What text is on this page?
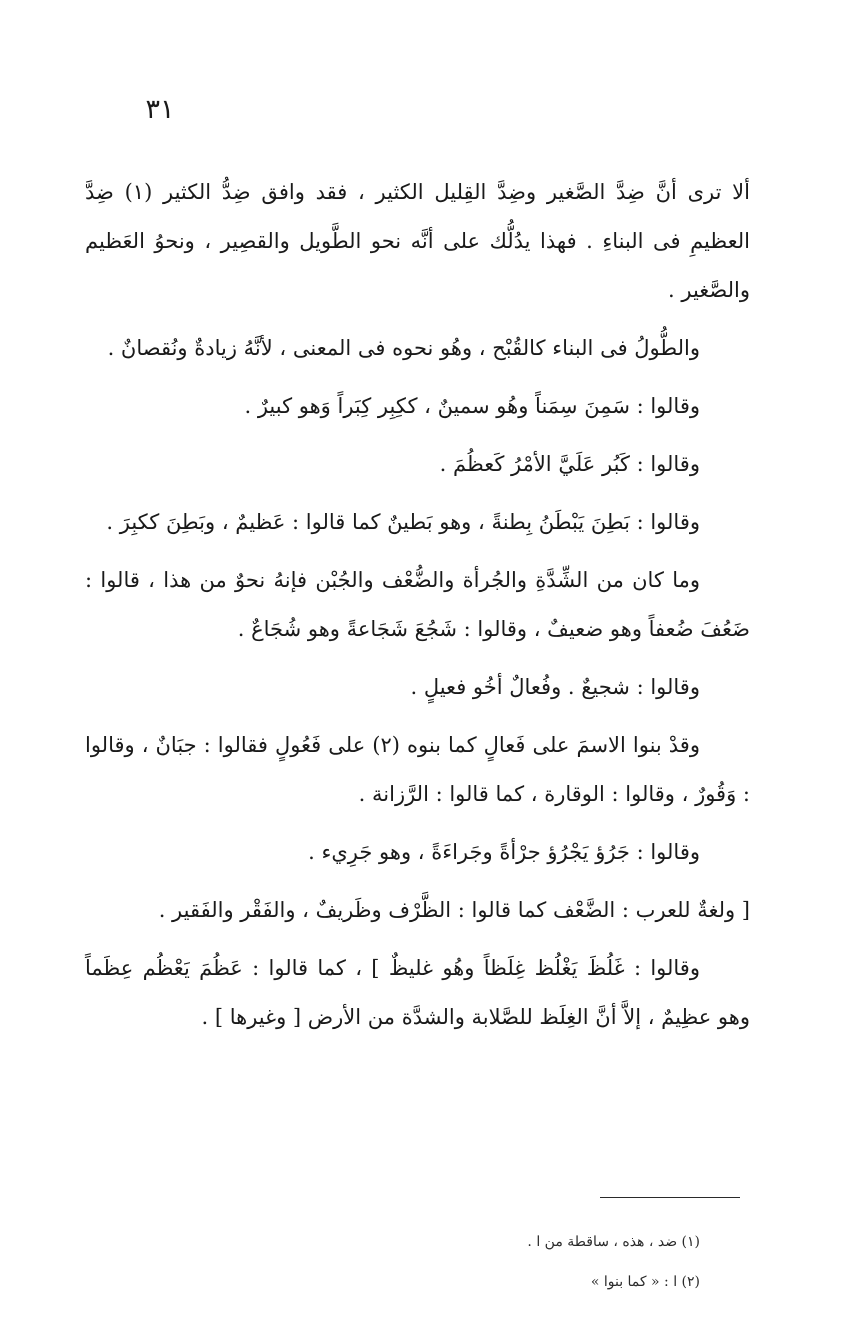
٣١

ألا ترى أنَّ ضِدَّ الصَّغير وضِدَّ القِليل الكثير ، فقد وافق ضِدُّ الكثير (١) ضِدَّ العظيمِ فى البناءِ . فهذا يدُلُّك على أنَّه نحو الطَّويل والقصِير ، ونحوُ العَظيم والصَّغير .

والطُّولُ فى البناء كالقُبْح ، وهُو نحوه فى المعنى ، لأنَّهُ زيادةٌ ونُقصانٌ .

وقالوا : سَمِنَ سِمَناً وهُو سمينٌ ، ككِبِر كِبَراً وَهو كبيرٌ .

وقالوا : كَبُر عَلَيَّ الأمْرُ كَعظُمَ .

وقالوا : بَطِنَ يَبْطَنُ بِطنةً ، وهو بَطينٌ كما قالوا : عَظيمٌ ، وبَطِنَ ككبِرَ .

وما كان من الشِّدَّةِ والجُرأة والضُّعْف والجُبْن فإنهُ نحوٌ من هذا ، قالوا : ضَعُفَ ضُعفاً وهو ضعيفٌ ، وقالوا : شَجُعَ شَجَاعةً وهو شُجَاعٌ .

وقالوا : شجيعٌ . وفُعالٌ أخُو فعيلٍ .

وقدْ بنوا الاسمَ على فَعالٍ كما بنوه (٢) على فَعُولٍ فقالوا : جبَانٌ ، وقالوا : وَقُورٌ ، وقالوا : الوقارة ، كما قالوا : الرَّزانة .

وقالوا : جَرُؤ يَجْرُؤ جرْأةً وجَراءَةً ، وهو جَرِيء .

[ ولغةٌ للعرب : الضَّعْف كما قالوا : الظَّرْف وظَريفٌ ، والفَقْر والفَقير .

وقالوا : غَلُظَ يَغْلُظ غِلَظاً وهُو غليظٌ ] ، كما قالوا : عَظُمَ يَعْظُم عِظَماً وهو عظِيمٌ ، إلاَّ أنَّ الغِلَظ للصَّلابة والشدَّة من الأرض [ وغيرها ] .

(١) ضد ، هذه ، ساقطة من ا .

(٢) ا : « كما بنوا »
